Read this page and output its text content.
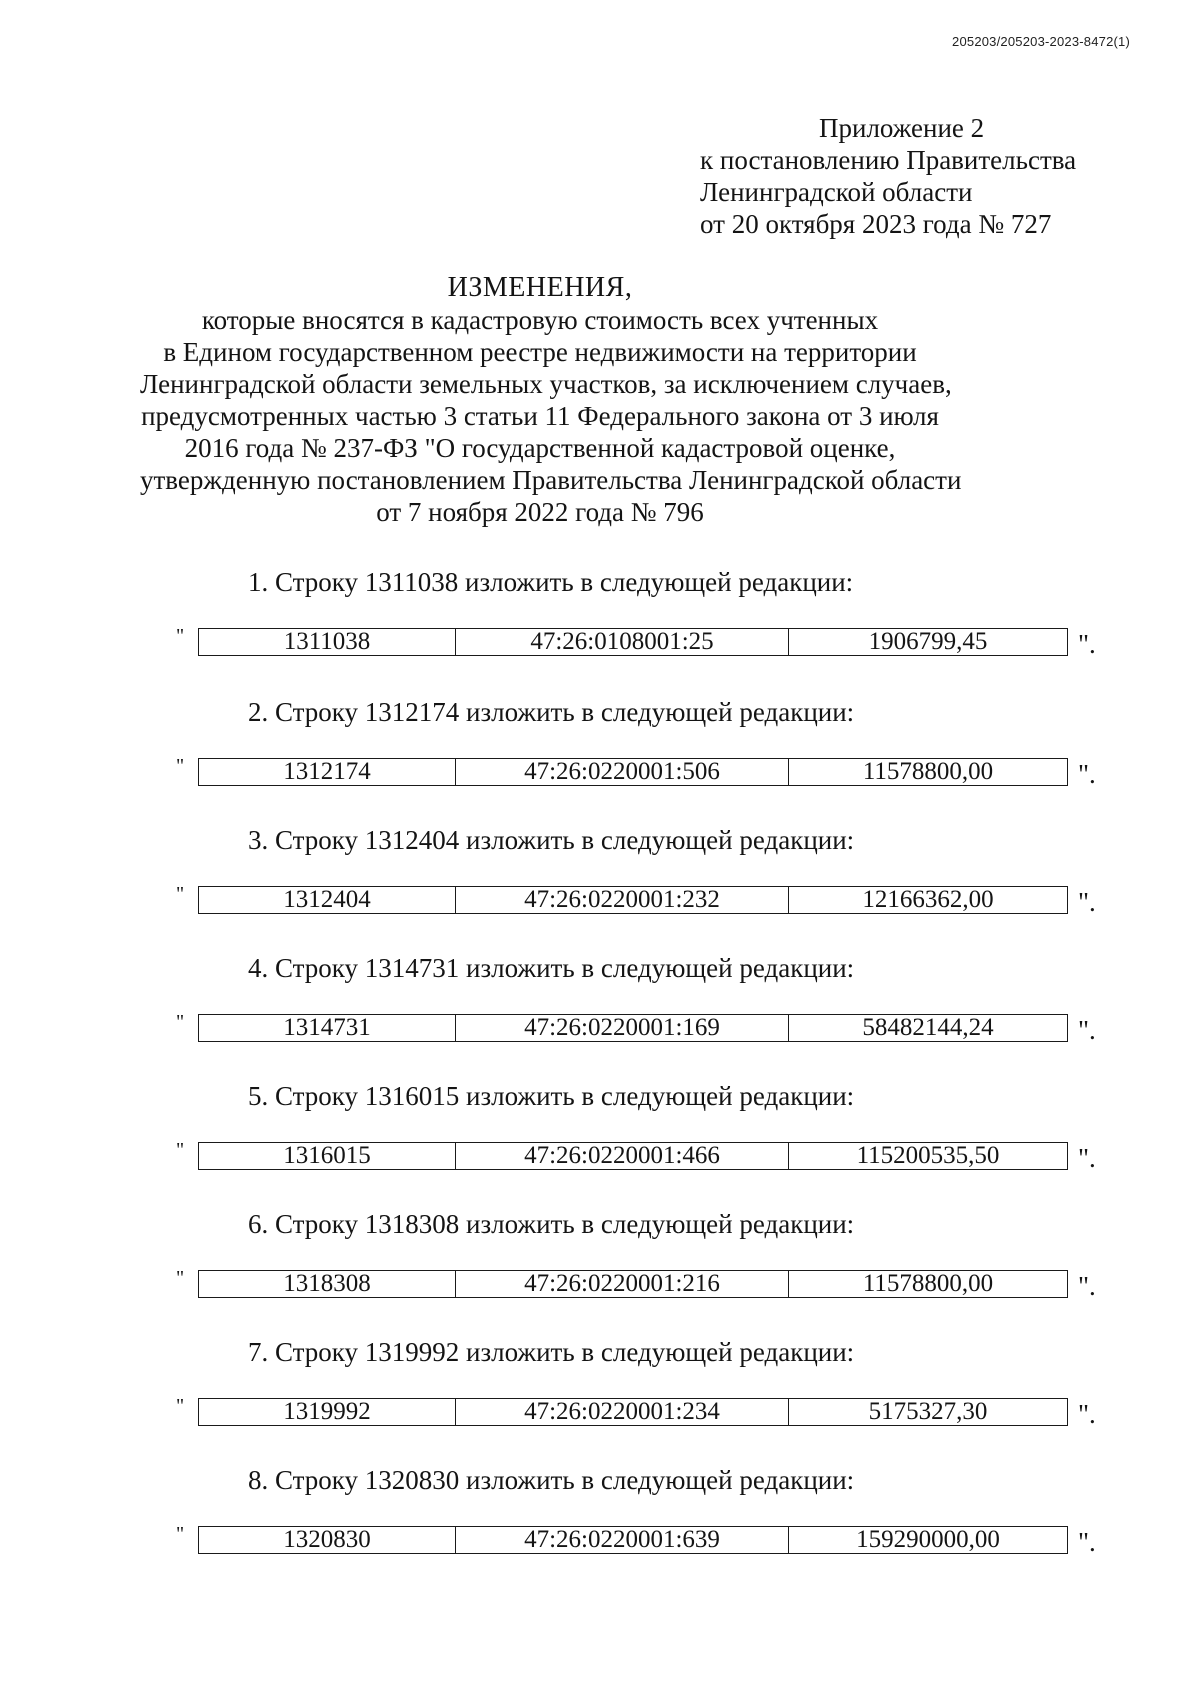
205203/205203-2023-8472(1)
Приложение 2
к постановлению Правительства
Ленинградской области
от 20 октября 2023 года № 727
ИЗМЕНЕНИЯ,
которые вносятся в кадастровую стоимость всех учтенных
в Едином государственном реестре недвижимости на территории
Ленинградской области земельных участков, за исключением случаев,
предусмотренных частью 3 статьи 11 Федерального закона от 3 июля
2016 года № 237-ФЗ "О государственной кадастровой оценке,
утвержденную постановлением Правительства Ленинградской области
от 7 ноября 2022 года № 796
1. Строку 1311038 изложить в следующей редакции:
"	1311038	47:26:0108001:25	1906799,45	".
2. Строку 1312174 изложить в следующей редакции:
"	1312174	47:26:0220001:506	11578800,00	".
3. Строку 1312404 изложить в следующей редакции:
"	1312404	47:26:0220001:232	12166362,00	".
4. Строку 1314731 изложить в следующей редакции:
"	1314731	47:26:0220001:169	58482144,24	".
5. Строку 1316015 изложить в следующей редакции:
"	1316015	47:26:0220001:466	115200535,50	".
6. Строку 1318308 изложить в следующей редакции:
"	1318308	47:26:0220001:216	11578800,00	".
7. Строку 1319992 изложить в следующей редакции:
"	1319992	47:26:0220001:234	5175327,30	".
8. Строку 1320830 изложить в следующей редакции:
"	1320830	47:26:0220001:639	159290000,00	".
